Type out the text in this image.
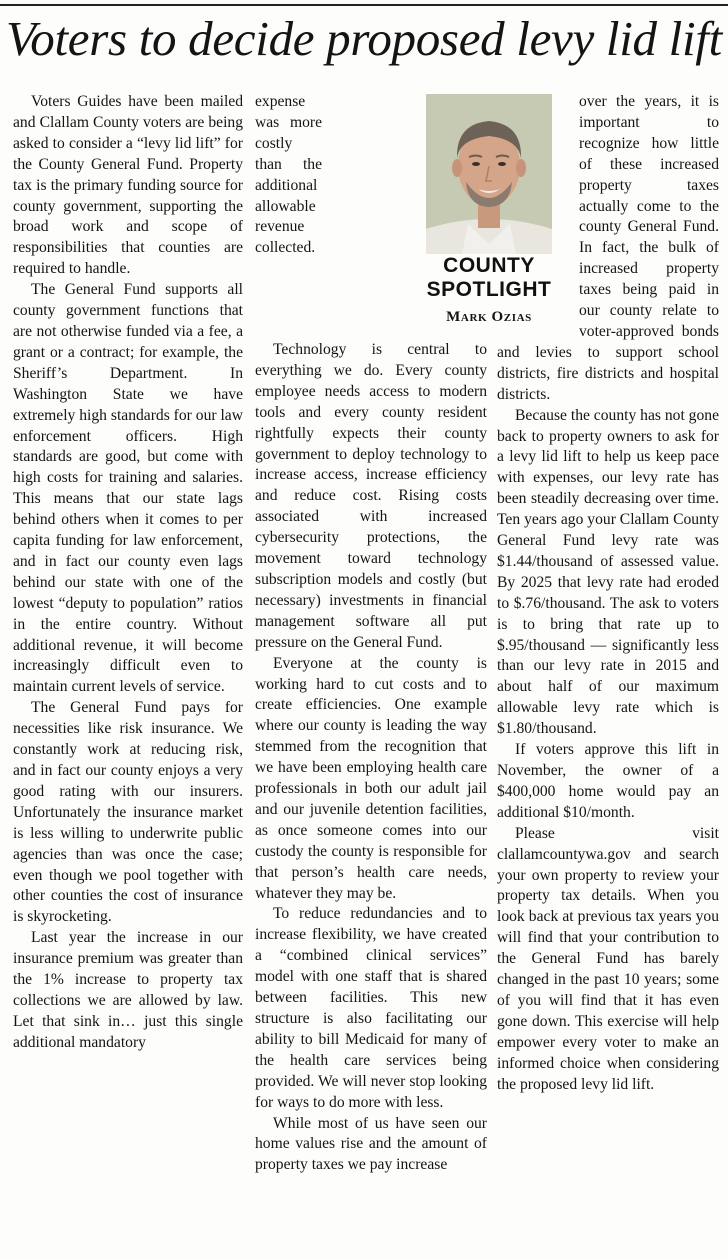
Voters to decide proposed levy lid lift

Voters Guides have been mailed and Clallam County voters are being asked to consider a “levy lid lift” for the County General Fund. Property tax is the primary funding source for county government, supporting the broad work and scope of responsibilities that counties are required to handle.

The General Fund supports all county government functions that are not otherwise funded via a fee, a grant or a contract; for example, the Sheriff’s Department. In Washington State we have extremely high standards for our law enforcement officers. High standards are good, but come with high costs for training and salaries. This means that our state lags behind others when it comes to per capita funding for law enforcement, and in fact our county even lags behind our state with one of the lowest “deputy to population” ratios in the entire country. Without additional revenue, it will become increasingly difficult even to maintain current levels of service.

The General Fund pays for necessities like risk insurance. We constantly work at reducing risk, and in fact our county enjoys a very good rating with our insurers. Unfortunately the insurance market is less willing to underwrite public agencies than was once the case; even though we pool together with other counties the cost of insurance is skyrocketing.

Last year the increase in our insurance premium was greater than the 1% increase to property tax collections we are allowed by law. Let that sink in… just this single additional mandatory

expense was more costly than the additional allowable revenue collected.

Technology is central to everything we do. Every county employee needs access to modern tools and every county resident rightfully expects their county government to deploy technology to increase access, increase efficiency and reduce cost. Rising costs associated with increased cybersecurity protections, the movement toward technology subscription models and costly (but necessary) investments in financial management software all put pressure on the General Fund.

Everyone at the county is working hard to cut costs and to create efficiencies. One example where our county is leading the way stemmed from the recognition that we have been employing health care professionals in both our adult jail and our juvenile detention facilities, as once someone comes into our custody the county is responsible for that person’s health care needs, whatever they may be.

To reduce redundancies and to increase flexibility, we have created a “combined clinical services” model with one staff that is shared between facilities. This new structure is also facilitating our ability to bill Medicaid for many of the health care services being provided. We will never stop looking for ways to do more with less.

While most of us have seen our home values rise and the amount of property taxes we pay increase

over the years, it is important to recognize how little of these increased property taxes actually come to the county General Fund. In fact, the bulk of increased property taxes being paid in our county relate to voter-approved bonds and levies to support school districts, fire districts and hospital districts.

Because the county has not gone back to property owners to ask for a levy lid lift to help us keep pace with expenses, our levy rate has been steadily decreasing over time. Ten years ago your Clallam County General Fund levy rate was $1.44/thousand of assessed value. By 2025 that levy rate had eroded to $.76/thousand. The ask to voters is to bring that rate up to $.95/thousand — significantly less than our levy rate in 2015 and about half of our maximum allowable levy rate which is $1.80/thousand.

If voters approve this lift in November, the owner of a $400,000 home would pay an additional $10/month.

Please visit clallamcountywa.gov and search your own property to review your property tax details. When you look back at previous tax years you will find that your contribution to the General Fund has barely changed in the past 10 years; some of you will find that it has even gone down. This exercise will help empower every voter to make an informed choice when considering the proposed levy lid lift.

COUNTY
SPOTLIGHT
Mark Ozias
